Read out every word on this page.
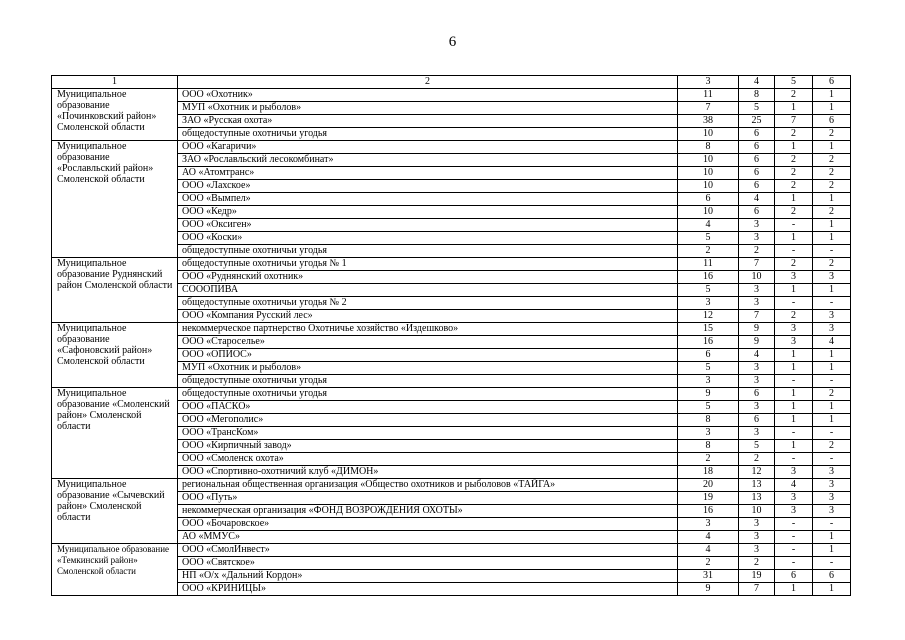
6
1	2	3	4	5	6
Муниципальное образование «Починковский район» Смоленской области	ООО «Охотник»	11	8	2	1
	МУП «Охотник и рыболов»	7	5	1	1
	ЗАО «Русская охота»	38	25	7	6
	общедоступные охотничьи угодья	10	6	2	2
Муниципальное образование «Рославльский район» Смоленской области	ООО «Кагаричи»	8	6	1	1
	ЗАО «Рославльский лесокомбинат»	10	6	2	2
	АО «Атомтранс»	10	6	2	2
	ООО «Лахское»	10	6	2	2
	ООО «Вымпел»	6	4	1	1
	ООО «Кедр»	10	6	2	2
	ООО «Оксиген»	4	3	-	1
	ООО «Коски»	5	3	1	1
	общедоступные охотничьи угодья	2	2	-	-
Муниципальное образование Руднянский район Смоленской области	общедоступные охотничьи угодья № 1	11	7	2	2
	ООО «Руднянский охотник»	16	10	3	3
	СОООПИВА	5	3	1	1
	общедоступные охотничьи угодья № 2	3	3	-	-
	ООО «Компания Русский лес»	12	7	2	3
Муниципальное образование «Сафоновский район» Смоленской области	некоммерческое партнерство Охотничье хозяйство «Издешково»	15	9	3	3
	ООО «Староселье»	16	9	3	4
	ООО «ОПИОС»	6	4	1	1
	МУП «Охотник и рыболов»	5	3	1	1
	общедоступные охотничьи угодья	3	3	-	-
Муниципальное образование «Смоленский район» Смоленской области	общедоступные охотничьи угодья	9	6	1	2
	ООО «ПАСКО»	5	3	1	1
	ООО «Мегополис»	8	6	1	1
	ООО «ТрансКом»	3	3	-	-
	ООО «Кирпичный завод»	8	5	1	2
	ООО «Смоленск охота»	2	2	-	-
	ООО «Спортивно-охотничий клуб «ДИМОН»	18	12	3	3
Муниципальное образование «Сычевский район» Смоленской области	региональная общественная организация «Общество охотников и рыболовов «ТАЙГА»	20	13	4	3
	ООО «Путь»	19	13	3	3
	некоммерческая организация «ФОНД ВОЗРОЖДЕНИЯ ОХОТЫ»	16	10	3	3
	ООО «Бочаровское»	3	3	-	-
	АО «ММУС»	4	3	-	1
Муниципальное образование «Темкинский район» Смоленской области	ООО «СмолИнвест»	4	3	-	1
	ООО «Святское»	2	2	-	-
	НП «О/х «Дальний Кордон»	31	19	6	6
	ООО «КРИНИЦЫ»	9	7	1	1
